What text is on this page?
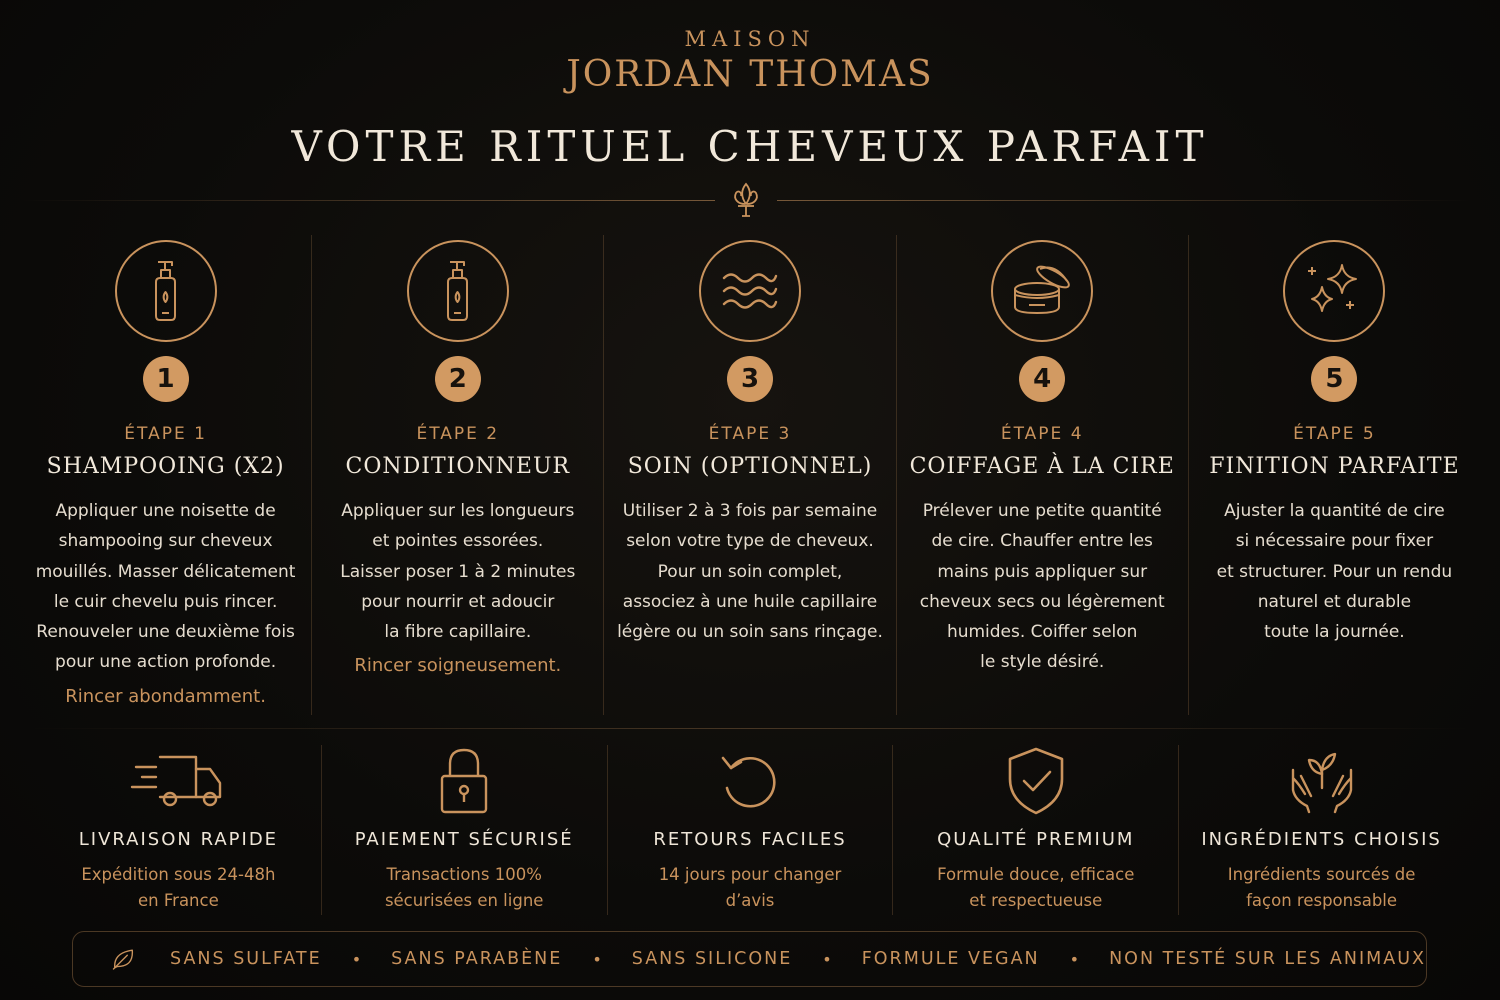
MAISON
JORDAN THOMAS
VOTRE RITUEL CHEVEUX PARFAIT
1
ÉTAPE 1
SHAMPOOING (X2)
Appliquer une noisette de
shampooing sur cheveux
mouillés. Masser délicatement
le cuir chevelu puis rincer.
Renouveler une deuxième fois
pour une action profonde.
Rincer abondamment.
2
ÉTAPE 2
CONDITIONNEUR
Appliquer sur les longueurs
et pointes essorées.
Laisser poser 1 à 2 minutes
pour nourrir et adoucir
la fibre capillaire.
Rincer soigneusement.
3
ÉTAPE 3
SOIN (OPTIONNEL)
Utiliser 2 à 3 fois par semaine
selon votre type de cheveux.
Pour un soin complet,
associez à une huile capillaire
légère ou un soin sans rinçage.
4
ÉTAPE 4
COIFFAGE À LA CIRE
Prélever une petite quantité
de cire. Chauffer entre les
mains puis appliquer sur
cheveux secs ou légèrement
humides. Coiffer selon
le style désiré.
5
ÉTAPE 5
FINITION PARFAITE
Ajuster la quantité de cire
si nécessaire pour fixer
et structurer. Pour un rendu
naturel et durable
toute la journée.
LIVRAISON RAPIDE
Expédition sous 24-48h
en France
PAIEMENT SÉCURISÉ
Transactions 100%
sécurisées en ligne
RETOURS FACILES
14 jours pour changer
d’avis
QUALITÉ PREMIUM
Formule douce, efficace
et respectueuse
INGRÉDIENTS CHOISIS
Ingrédients sourcés de
façon responsable
SANS SULFATE • SANS PARABÈNE • SANS SILICONE • FORMULE VEGAN • NON TESTÉ SUR LES ANIMAUX
